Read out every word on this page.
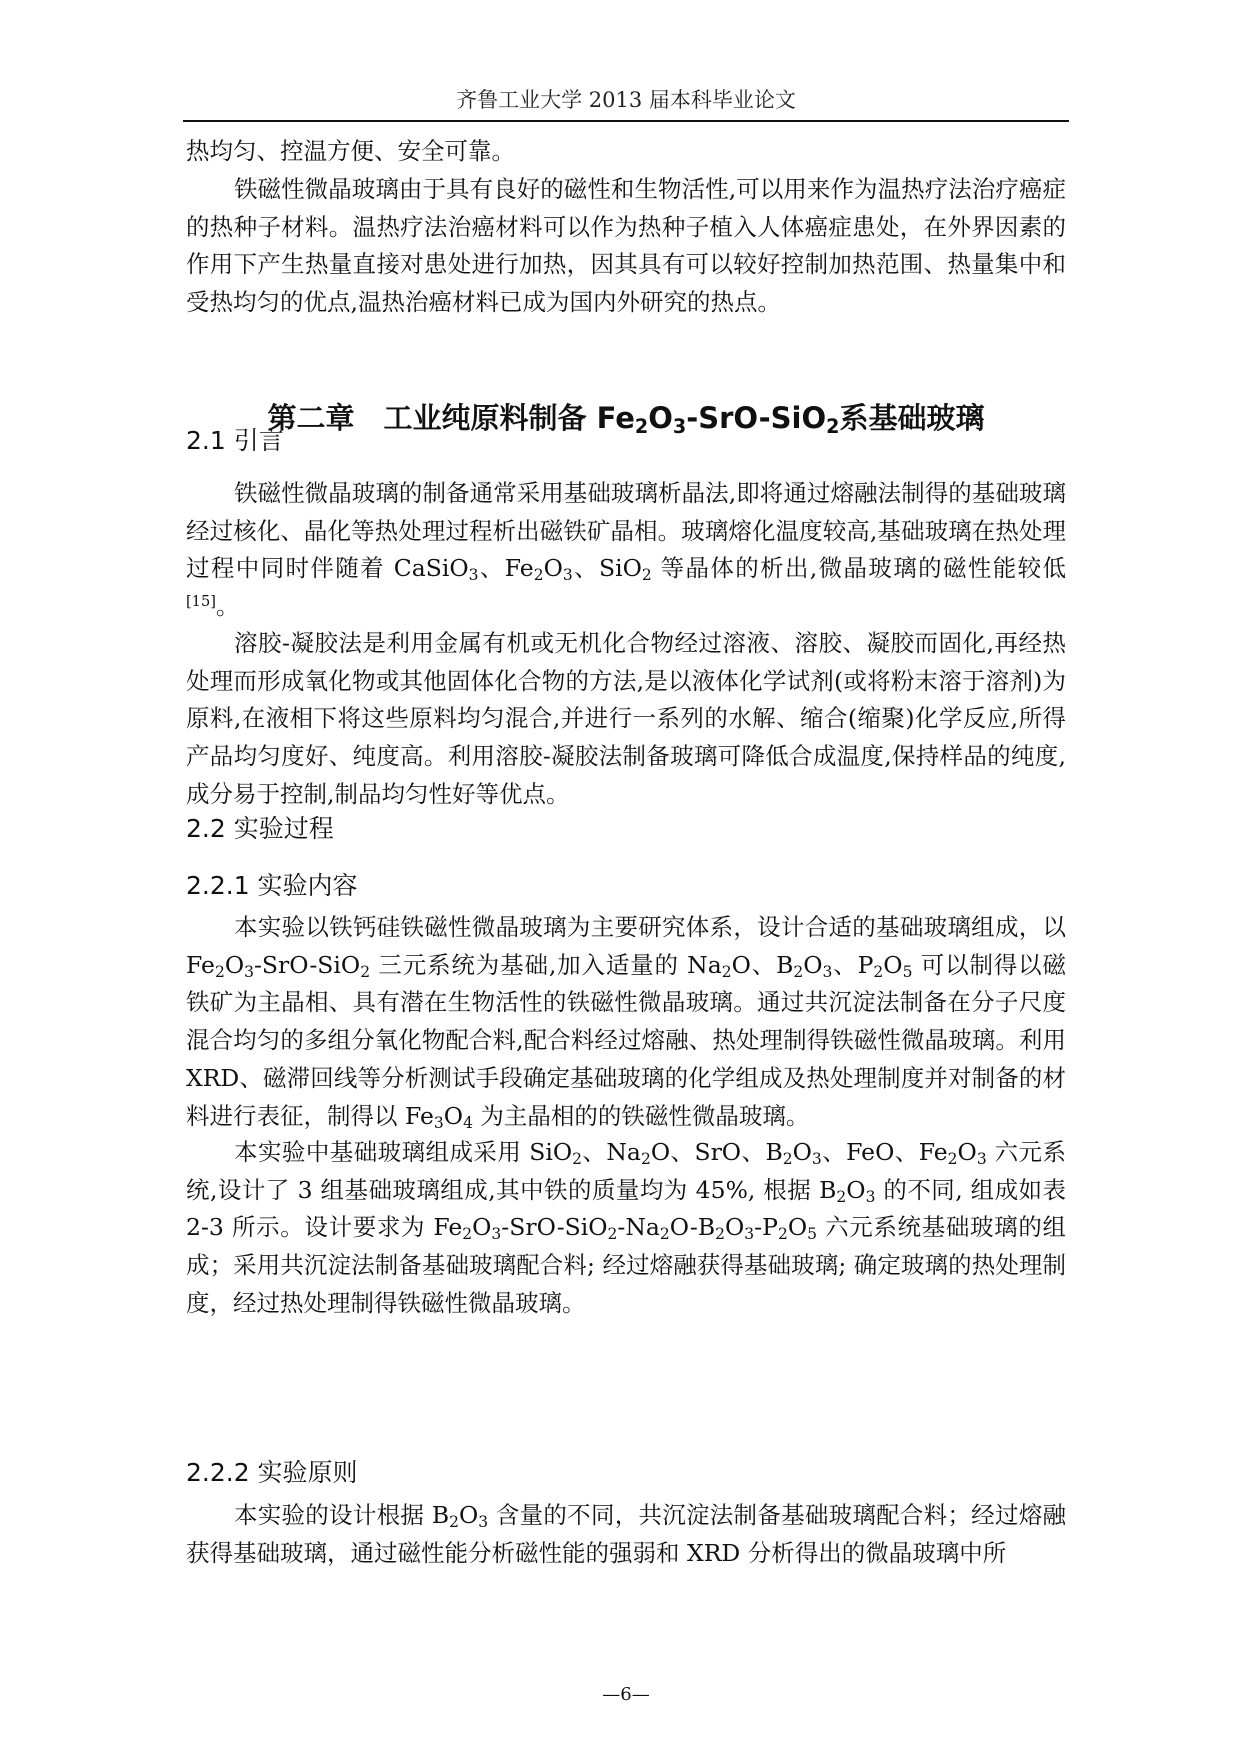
齐鲁工业大学 2013 届本科毕业论文

热均匀、控温方便、安全可靠。

铁磁性微晶玻璃由于具有良好的磁性和生物活性,可以用来作为温热疗法治疗癌症的热种子材料。温热疗法治癌材料可以作为热种子植入人体癌症患处，在外界因素的作用下产生热量直接对患处进行加热，因其具有可以较好控制加热范围、热量集中和受热均匀的优点,温热治癌材料已成为国内外研究的热点。

第二章　工业纯原料制备 $Fe_2O_3-SrO-SiO_2$系基础玻璃
2.1 引言

铁磁性微晶玻璃的制备通常采用基础玻璃析晶法,即将通过熔融法制得的基础玻璃经过核化、晶化等热处理过程析出磁铁矿晶相。玻璃熔化温度较高,基础玻璃在热处理过程中同时伴随着 CaSiO$_3$、$Fe_2O_3$、SiO$_2$ 等晶体的析出,微晶玻璃的磁性能较低[15]。

溶胶-凝胶法是利用金属有机或无机化合物经过溶液、溶胶、凝胶而固化,再经热处理而形成氧化物或其他固体化合物的方法,是以液体化学试剂(或将粉末溶于溶剂)为原料,在液相下将这些原料均匀混合,并进行一系列的水解、缩合(缩聚)化学反应,所得产品均匀度好、纯度高。利用溶胶-凝胶法制备玻璃可降低合成温度,保持样品的纯度,成分易于控制,制品均匀性好等优点。

2.2 实验过程
2.2.1 实验内容

本实验以铁钙硅铁磁性微晶玻璃为主要研究体系，设计合适的基础玻璃组成，以 $Fe_2O_3-SrO-SiO_2$ 三元系统为基础,加入适量的 $Na_2O$、$B_2O_3$、$P_2O_5$ 可以制得以磁铁矿为主晶相、具有潜在生物活性的铁磁性微晶玻璃。通过共沉淀法制备在分子尺度混合均匀的多组分氧化物配合料,配合料经过熔融、热处理制得铁磁性微晶玻璃。利用 XRD、磁滞回线等分析测试手段确定基础玻璃的化学组成及热处理制度并对制备的材料进行表征，制得以 $Fe_3O_4$ 为主晶相的的铁磁性微晶玻璃。

本实验中基础玻璃组成采用 SiO$_2$、$Na_2O$、SrO、$B_2O_3$、FeO、$Fe_2O_3$ 六元系统,设计了 3 组基础玻璃组成,其中铁的质量均为 45%, 根据 $B_2O_3$ 的不同, 组成如表 2-3 所示。设计要求为 $Fe_2O_3-SrO-SiO_2-Na_2O-B_2O_3-P_2O_5$ 六元系统基础玻璃的组成；采用共沉淀法制备基础玻璃配合料; 经过熔融获得基础玻璃; 确定玻璃的热处理制度，经过热处理制得铁磁性微晶玻璃。

2.2.2 实验原则

本实验的设计根据 $B_2O_3$ 含量的不同，共沉淀法制备基础玻璃配合料；经过熔融获得基础玻璃，通过磁性能分析磁性能的强弱和 XRD 分析得出的微晶玻璃中所

—6—
